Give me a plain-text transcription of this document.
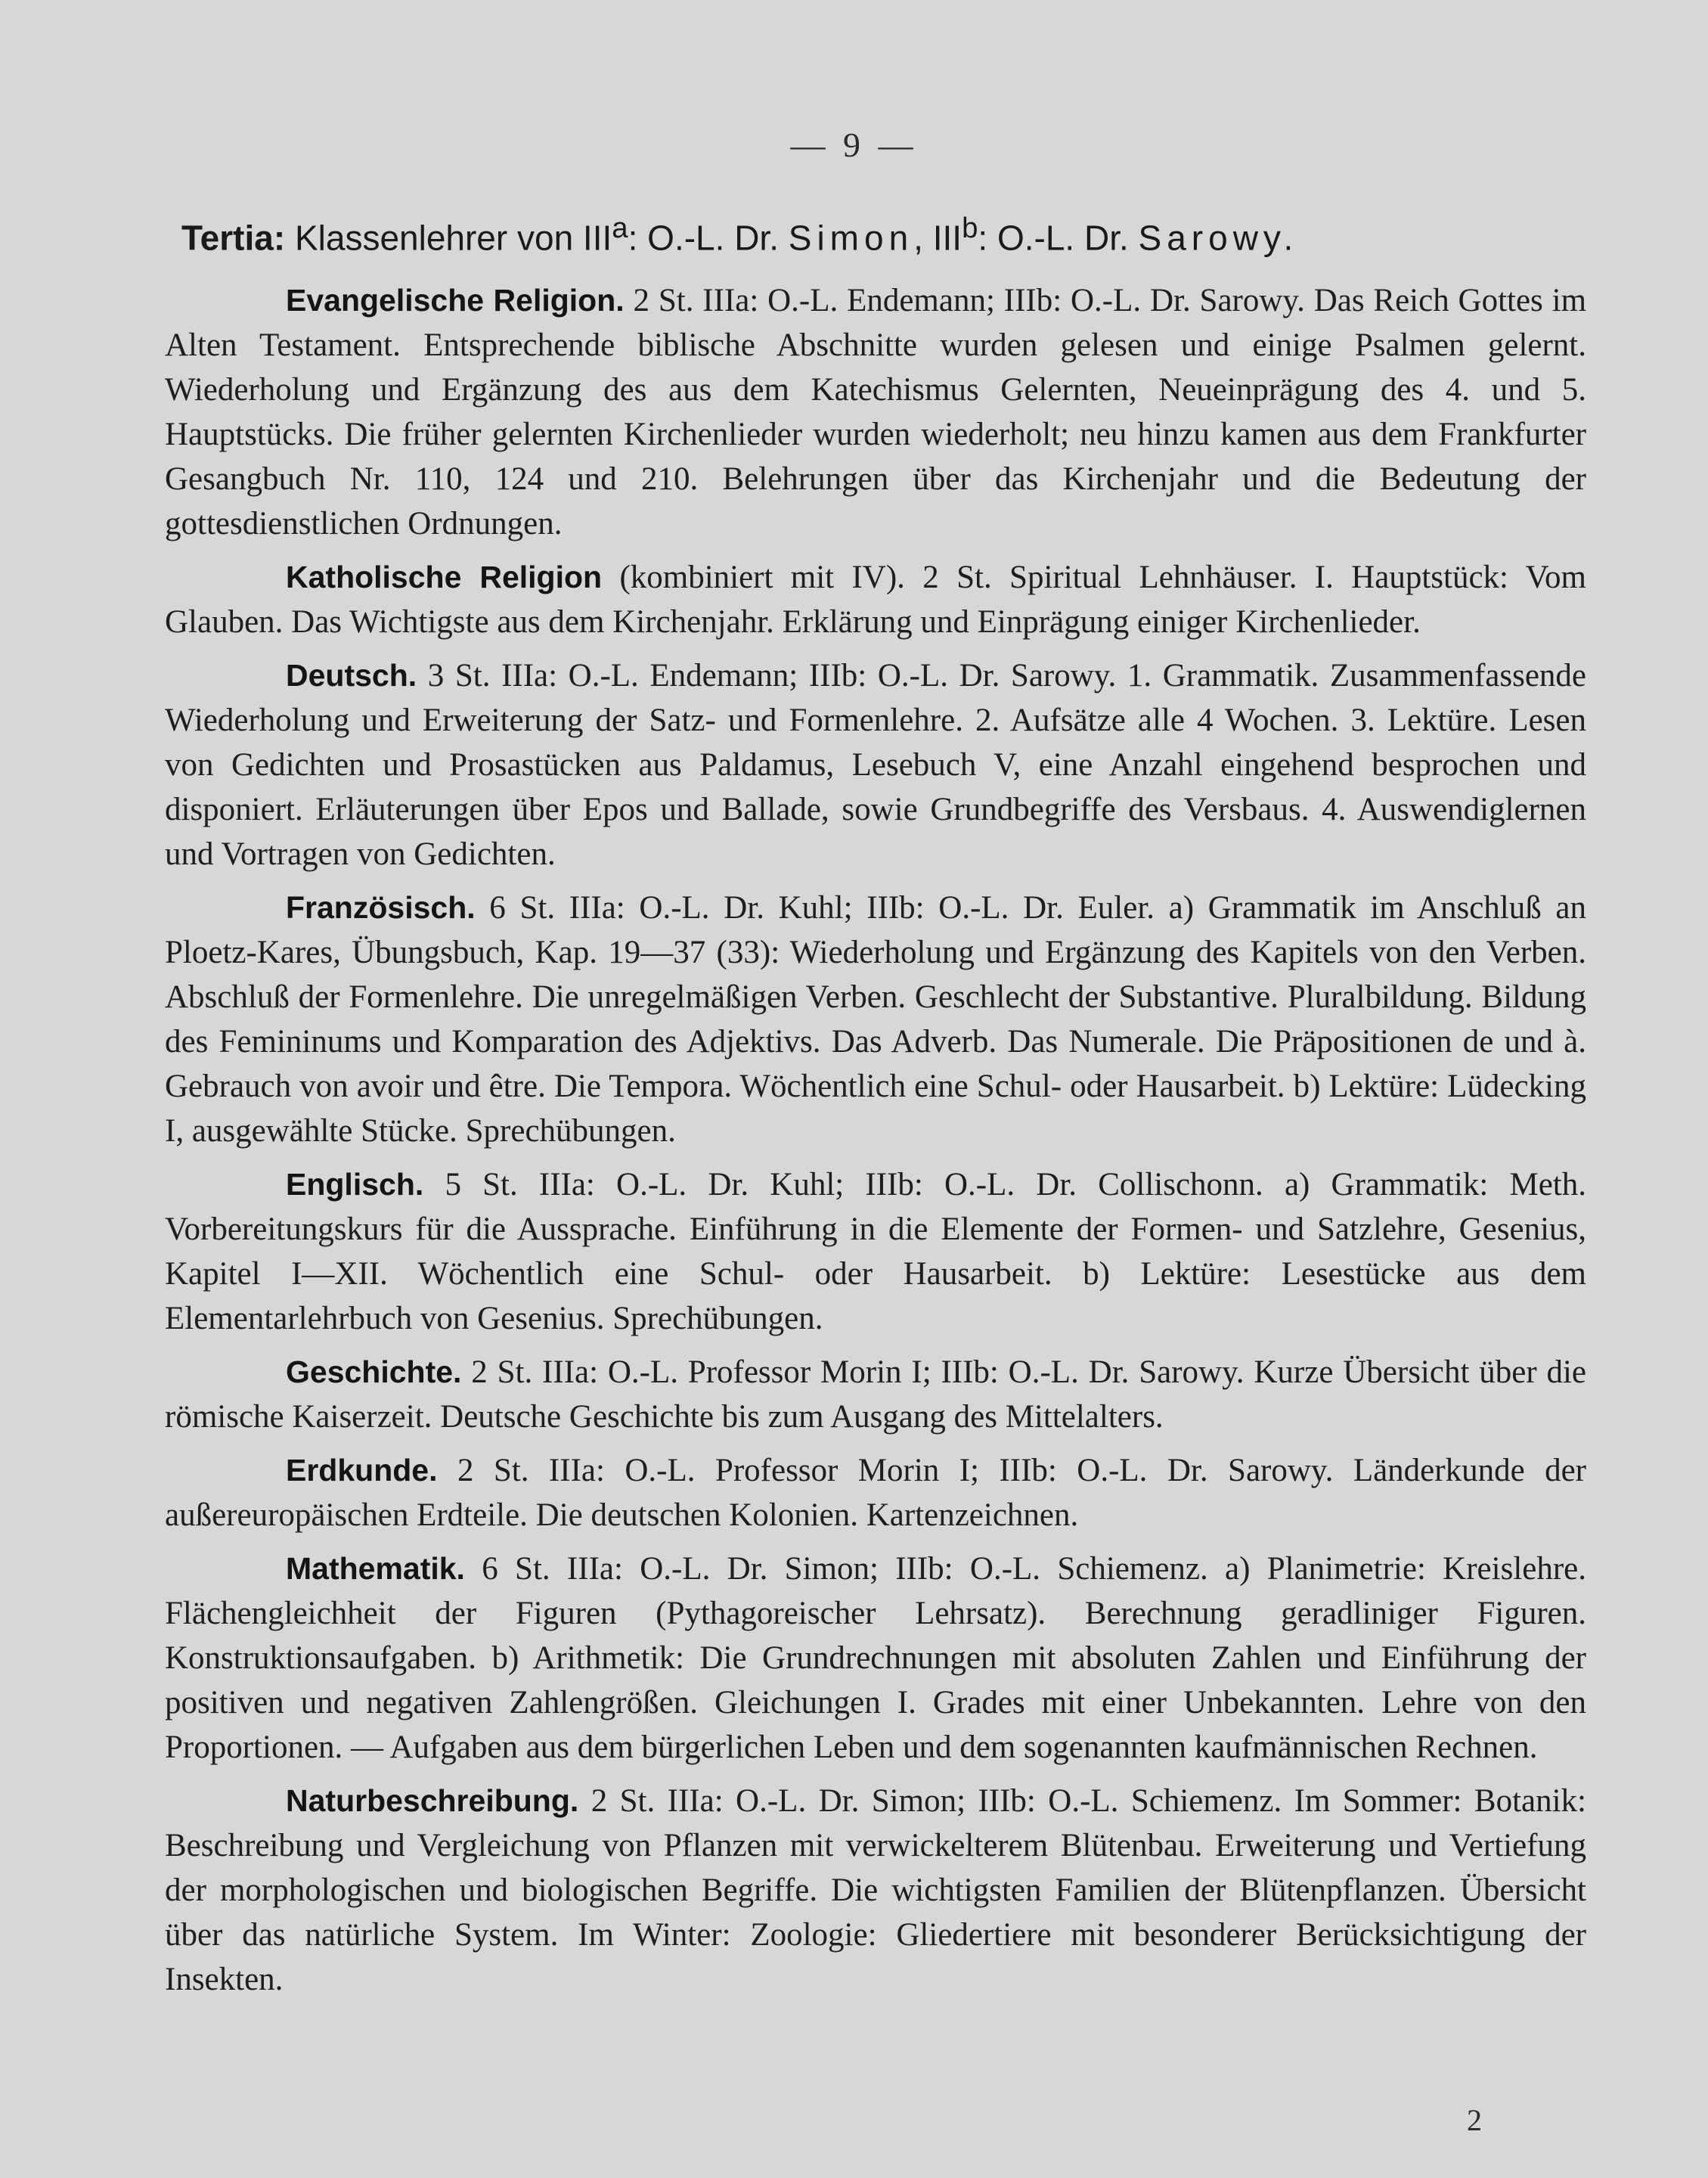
— 9 —
Tertia: Klassenlehrer von III$^a$: O.-L. Dr. Simon, III$^b$: O.-L. Dr. Sarowy.

Evangelische Religion. 2 St. IIIa: O.-L. Endemann; IIIb: O.-L. Dr. Sarowy. Das Reich Gottes im Alten Testament. Entsprechende biblische Abschnitte wurden gelesen und einige Psalmen gelernt. Wiederholung und Ergänzung des aus dem Katechismus Gelernten, Neueinprägung des 4. und 5. Hauptstücks. Die früher gelernten Kirchenlieder wurden wiederholt; neu hinzu kamen aus dem Frankfurter Gesangbuch Nr. 110, 124 und 210. Belehrungen über das Kirchenjahr und die Bedeutung der gottesdienstlichen Ordnungen.

Katholische Religion (kombiniert mit IV). 2 St. Spiritual Lehnhäuser. I. Hauptstück: Vom Glauben. Das Wichtigste aus dem Kirchenjahr. Erklärung und Einprägung einiger Kirchenlieder.

Deutsch. 3 St. IIIa: O.-L. Endemann; IIIb: O.-L. Dr. Sarowy. 1. Grammatik. Zusammenfassende Wiederholung und Erweiterung der Satz- und Formenlehre. 2. Aufsätze alle 4 Wochen. 3. Lektüre. Lesen von Gedichten und Prosastücken aus Paldamus, Lesebuch V, eine Anzahl eingehend besprochen und disponiert. Erläuterungen über Epos und Ballade, sowie Grundbegriffe des Versbaus. 4. Auswendiglernen und Vortragen von Gedichten.

Französisch. 6 St. IIIa: O.-L. Dr. Kuhl; IIIb: O.-L. Dr. Euler. a) Grammatik im Anschluß an Ploetz-Kares, Übungsbuch, Kap. 19—37 (33): Wiederholung und Ergänzung des Kapitels von den Verben. Abschluß der Formenlehre. Die unregelmäßigen Verben. Geschlecht der Substantive. Pluralbildung. Bildung des Femininums und Komparation des Adjektivs. Das Adverb. Das Numerale. Die Präpositionen de und à. Gebrauch von avoir und être. Die Tempora. Wöchentlich eine Schul- oder Hausarbeit. b) Lektüre: Lüdecking I, ausgewählte Stücke. Sprechübungen.

Englisch. 5 St. IIIa: O.-L. Dr. Kuhl; IIIb: O.-L. Dr. Collischonn. a) Grammatik: Meth. Vorbereitungskurs für die Aussprache. Einführung in die Elemente der Formen- und Satzlehre, Gesenius, Kapitel I—XII. Wöchentlich eine Schul- oder Hausarbeit. b) Lektüre: Lesestücke aus dem Elementarlehrbuch von Gesenius. Sprechübungen.

Geschichte. 2 St. IIIa: O.-L. Professor Morin I; IIIb: O.-L. Dr. Sarowy. Kurze Übersicht über die römische Kaiserzeit. Deutsche Geschichte bis zum Ausgang des Mittelalters.

Erdkunde. 2 St. IIIa: O.-L. Professor Morin I; IIIb: O.-L. Dr. Sarowy. Länderkunde der außereuropäischen Erdteile. Die deutschen Kolonien. Kartenzeichnen.

Mathematik. 6 St. IIIa: O.-L. Dr. Simon; IIIb: O.-L. Schiemenz. a) Planimetrie: Kreislehre. Flächengleichheit der Figuren (Pythagoreischer Lehrsatz). Berechnung geradliniger Figuren. Konstruktionsaufgaben. b) Arithmetik: Die Grundrechnungen mit absoluten Zahlen und Einführung der positiven und negativen Zahlengrößen. Gleichungen I. Grades mit einer Unbekannten. Lehre von den Proportionen. — Aufgaben aus dem bürgerlichen Leben und dem sogenannten kaufmännischen Rechnen.

Naturbeschreibung. 2 St. IIIa: O.-L. Dr. Simon; IIIb: O.-L. Schiemenz. Im Sommer: Botanik: Beschreibung und Vergleichung von Pflanzen mit verwickelterem Blütenbau. Erweiterung und Vertiefung der morphologischen und biologischen Begriffe. Die wichtigsten Familien der Blütenpflanzen. Übersicht über das natürliche System. Im Winter: Zoologie: Gliedertiere mit besonderer Berücksichtigung der Insekten.

2
